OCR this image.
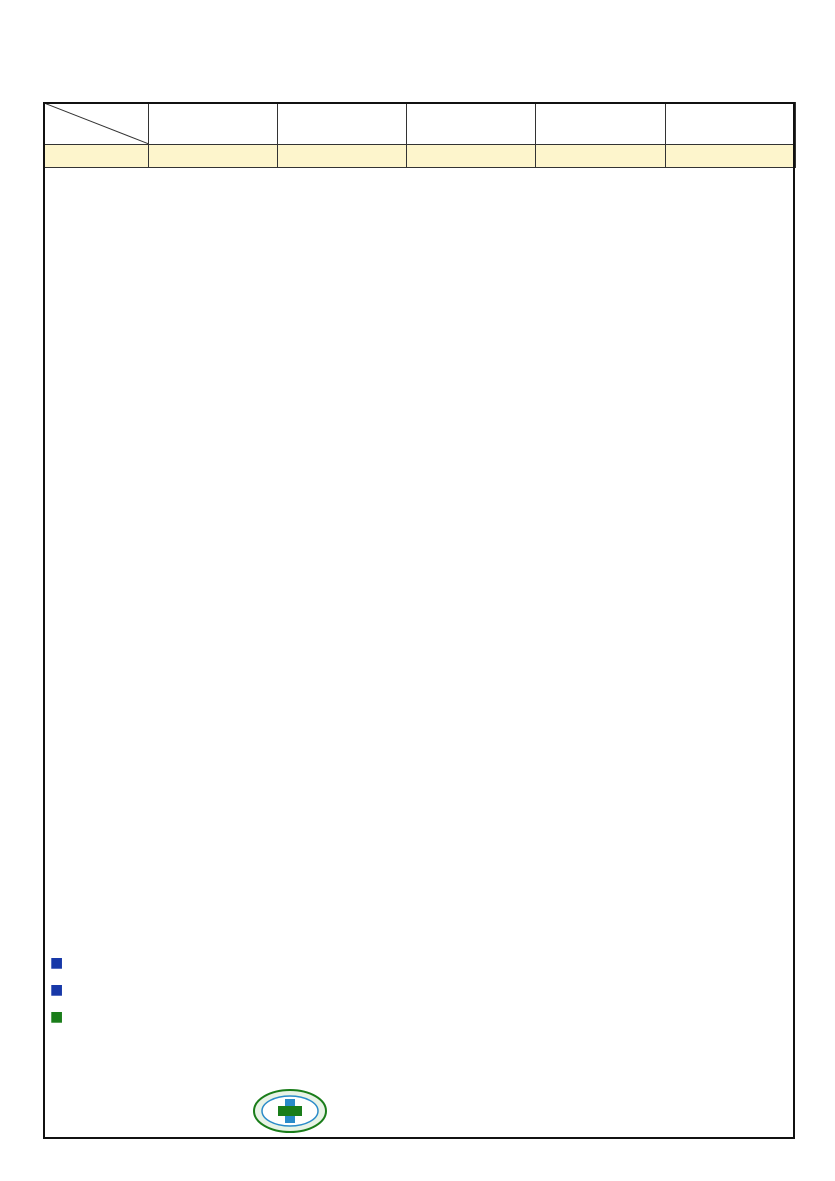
■
■
■
